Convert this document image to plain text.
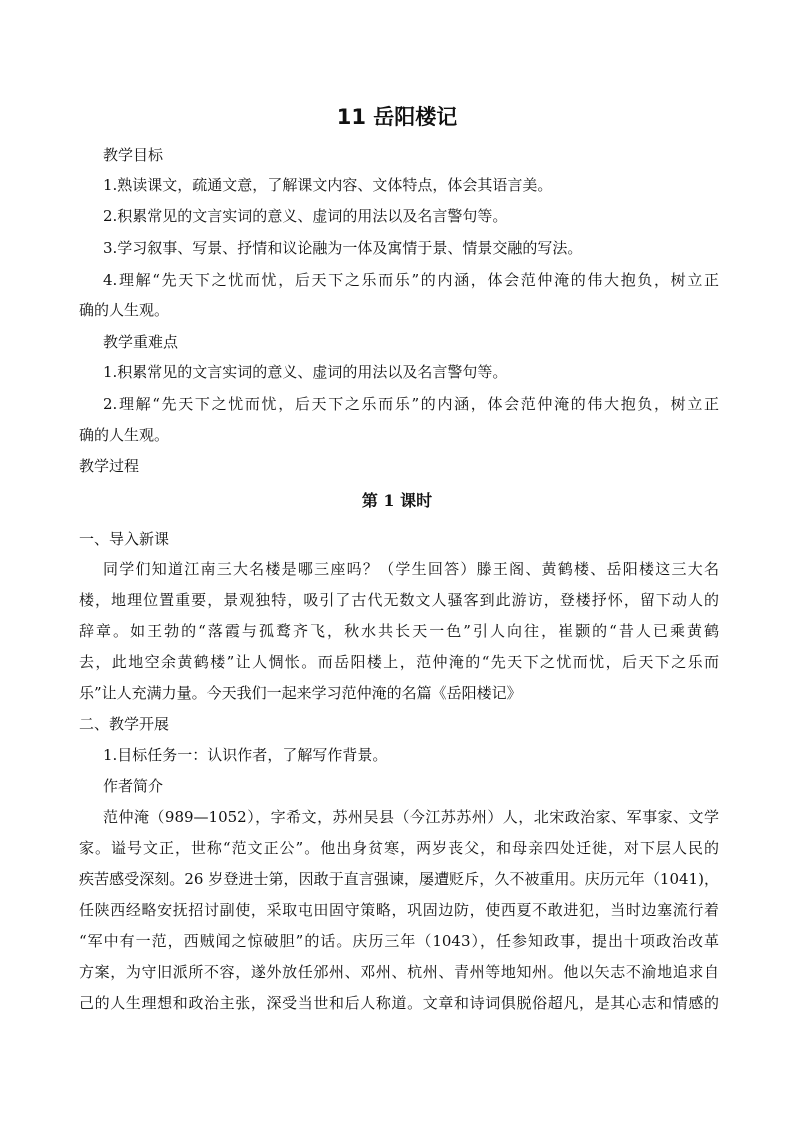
11 岳阳楼记

教学目标

1.熟读课文，疏通文意，了解课文内容、文体特点，体会其语言美。

2.积累常见的文言实词的意义、虚词的用法以及名言警句等。

3.学习叙事、写景、抒情和议论融为一体及寓情于景、情景交融的写法。

4.理解“先天下之忧而忧，后天下之乐而乐”的内涵，体会范仲淹的伟大抱负，树立正

确的人生观。

教学重难点

1.积累常见的文言实词的意义、虚词的用法以及名言警句等。

2.理解“先天下之忧而忧，后天下之乐而乐”的内涵，体会范仲淹的伟大抱负，树立正

确的人生观。

教学过程

第 1 课时

一、导入新课

同学们知道江南三大名楼是哪三座吗？（学生回答）滕王阁、黄鹤楼、岳阳楼这三大名

楼，地理位置重要，景观独特，吸引了古代无数文人骚客到此游访，登楼抒怀，留下动人的

辞章。如王勃的“落霞与孤鹜齐飞，秋水共长天一色”引人向往，崔颢的“昔人已乘黄鹤

去，此地空余黄鹤楼”让人惆怅。而岳阳楼上，范仲淹的“先天下之忧而忧，后天下之乐而

乐”让人充满力量。今天我们一起来学习范仲淹的名篇《岳阳楼记》

二、教学开展

1.目标任务一：认识作者，了解写作背景。

作者简介

范仲淹（989—1052），字希文，苏州吴县（今江苏苏州）人，北宋政治家、军事家、文学

家。谥号文正，世称“范文正公”。他出身贫寒，两岁丧父，和母亲四处迁徙，对下层人民的

疾苦感受深刻。26 岁登进士第，因敢于直言强谏，屡遭贬斥，久不被重用。庆历元年（1041)，

任陕西经略安抚招讨副使，采取屯田固守策略，巩固边防，使西夏不敢进犯，当时边塞流行着

“军中有一范，西贼闻之惊破胆”的话。庆历三年（1043），任参知政事，提出十项政治改革

方案，为守旧派所不容，遂外放任邠州、邓州、杭州、青州等地知州。他以矢志不渝地追求自

己的人生理想和政治主张，深受当世和后人称道。文章和诗词俱脱俗超凡，是其心志和情感的
